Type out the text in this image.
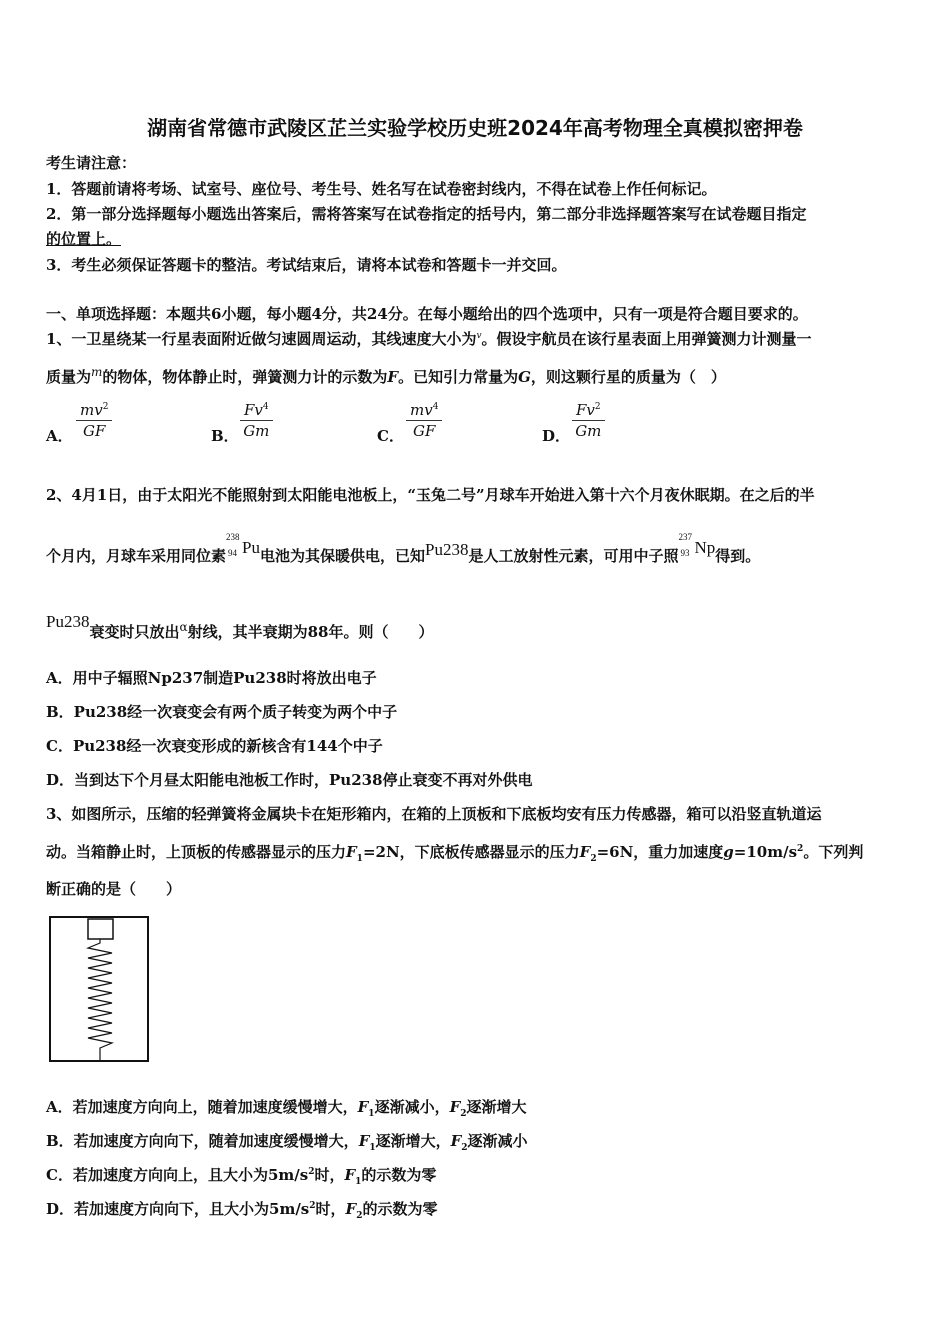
湖南省常德市武陵区芷兰实验学校历史班2024年高考物理全真模拟密押卷
考生请注意：
1．答题前请将考场、试室号、座位号、考生号、姓名写在试卷密封线内，不得在试卷上作任何标记。
2．第一部分选择题每小题选出答案后，需将答案写在试卷指定的括号内，第二部分非选择题答案写在试卷题目指定
的位置上。
3．考生必须保证答题卡的整洁。考试结束后，请将本试卷和答题卡一并交回。
一、单项选择题：本题共6小题，每小题4分，共24分。在每小题给出的四个选项中，只有一项是符合题目要求的。
1、一卫星绕某一行星表面附近做匀速圆周运动，其线速度大小为$^v$。假设宇航员在该行星表面上用弹簧测力计测量一
质量为$^m$的物体，物体静止时，弹簧测力计的示数为F。已知引力常量为G，则这颗行星的质量为（　）
A． $\frac{mv^2}{GF}$	B． $\frac{Fv^4}{Gm}$	C． $\frac{mv^4}{GF}$	D． $\frac{Fv^2}{Gm}$
2、4月1日，由于太阳光不能照射到太阳能电池板上，“玉兔二号”月球车开始进入第十六个月夜休眠期。在之后的半
个月内，月球车采用同位素
238
94 Pu电池为其保暖供电，已知Pu238是人工放射性元素，可用中子照
237
93 Np得到。
Pu238衰变时只放出$^\alpha$射线，其半衰期为88年。则（　　）
A．用中子辐照Np237制造Pu238时将放出电子
B．Pu238经一次衰变会有两个质子转变为两个中子
C．Pu238经一次衰变形成的新核含有144个中子
D．当到达下个月昼太阳能电池板工作时，Pu238停止衰变不再对外供电
3、如图所示，压缩的轻弹簧将金属块卡在矩形箱内，在箱的上顶板和下底板均安有压力传感器，箱可以沿竖直轨道运
动。当箱静止时，上顶板的传感器显示的压力$F_1=2N$，下底板传感器显示的压力$F_2=6N$，重力加速度$g=10m/s^2$。下列判
断正确的是（　　）
A．若加速度方向向上，随着加速度缓慢增大，$F_1$逐渐减小，$F_2$逐渐增大
B．若加速度方向向下，随着加速度缓慢增大，$F_1$逐渐增大，$F_2$逐渐减小
C．若加速度方向向上，且大小为$5m/s^2$时，$F_1$的示数为零
D．若加速度方向向下，且大小为$5m/s^2$时，$F_2$的示数为零
